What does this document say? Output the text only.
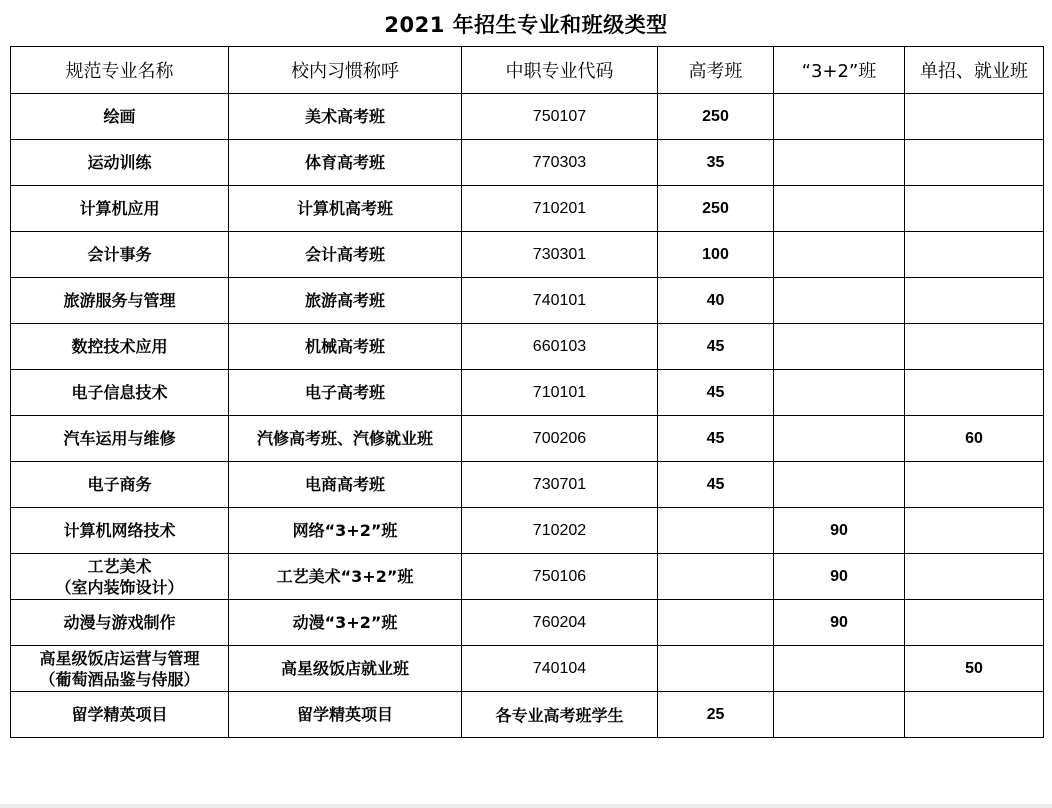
2021 年招生专业和班级类型
规范专业名称	校内习惯称呼	中职专业代码	高考班	“3+2”班	单招、就业班

绘画	美术高考班	750107	250		

运动训练	体育高考班	770303	35		

计算机应用	计算机高考班	710201	250		

会计事务	会计高考班	730301	100		

旅游服务与管理	旅游高考班	740101	40		

数控技术应用	机械高考班	660103	45		

电子信息技术	电子高考班	710101	45		

汽车运用与维修	汽修高考班、汽修就业班	700206	45		60

电子商务	电商高考班	730701	45		

计算机网络技术	网络“3+2”班	710202		90	

工艺美术
（室内装饰设计）	工艺美术“3+2”班	750106		90	

动漫与游戏制作	动漫“3+2”班	760204		90	

高星级饭店运营与管理
（葡萄酒品鉴与侍服）	高星级饭店就业班	740104			50

留学精英项目	留学精英项目	各专业高考班学生	25		
